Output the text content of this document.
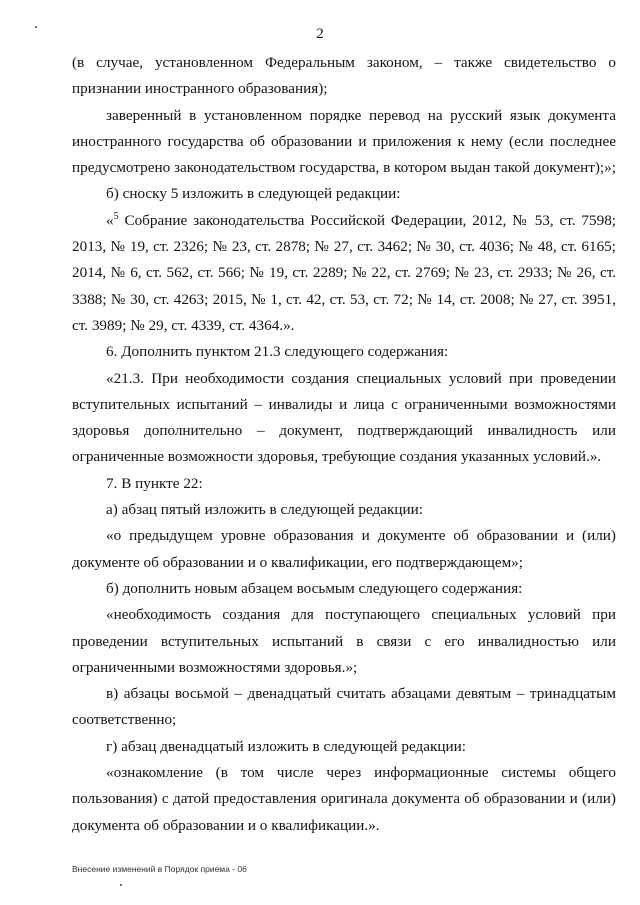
2

(в случае, установленном Федеральным законом, – также свидетельство о признании иностранного образования);

заверенный в установленном порядке перевод на русский язык документа иностранного государства об образовании и приложения к нему (если последнее предусмотрено законодательством государства, в котором выдан такой документ);»;

б) сноску 5 изложить в следующей редакции:

«$^5$ Собрание законодательства Российской Федерации, 2012, № 53, ст. 7598; 2013, № 19, ст. 2326; № 23, ст. 2878; № 27, ст. 3462; № 30, ст. 4036; № 48, ст. 6165; 2014, № 6, ст. 562, ст. 566; № 19, ст. 2289; № 22, ст. 2769; № 23, ст. 2933; № 26, ст. 3388; № 30, ст. 4263; 2015, № 1, ст. 42, ст. 53, ст. 72; № 14, ст. 2008; № 27, ст. 3951, ст. 3989; № 29, ст. 4339, ст. 4364.».

6. Дополнить пунктом 21.3 следующего содержания:

«21.3. При необходимости создания специальных условий при проведении вступительных испытаний – инвалиды и лица с ограниченными возможностями здоровья дополнительно – документ, подтверждающий инвалидность или ограниченные возможности здоровья, требующие создания указанных условий.».

7. В пункте 22:

а) абзац пятый изложить в следующей редакции:

«о предыдущем уровне образования и документе об образовании и (или) документе об образовании и о квалификации, его подтверждающем»;

б) дополнить новым абзацем восьмым следующего содержания:

«необходимость создания для поступающего специальных условий при проведении вступительных испытаний в связи с его инвалидностью или ограниченными возможностями здоровья.»;

в) абзацы восьмой – двенадцатый считать абзацами девятым – тринадцатым соответственно;

г) абзац двенадцатый изложить в следующей редакции:

«ознакомление (в том числе через информационные системы общего пользования) с датой предоставления оригинала документа об образовании и (или) документа об образовании и о квалификации.».

Внесение изменений в Порядок приема - 06
